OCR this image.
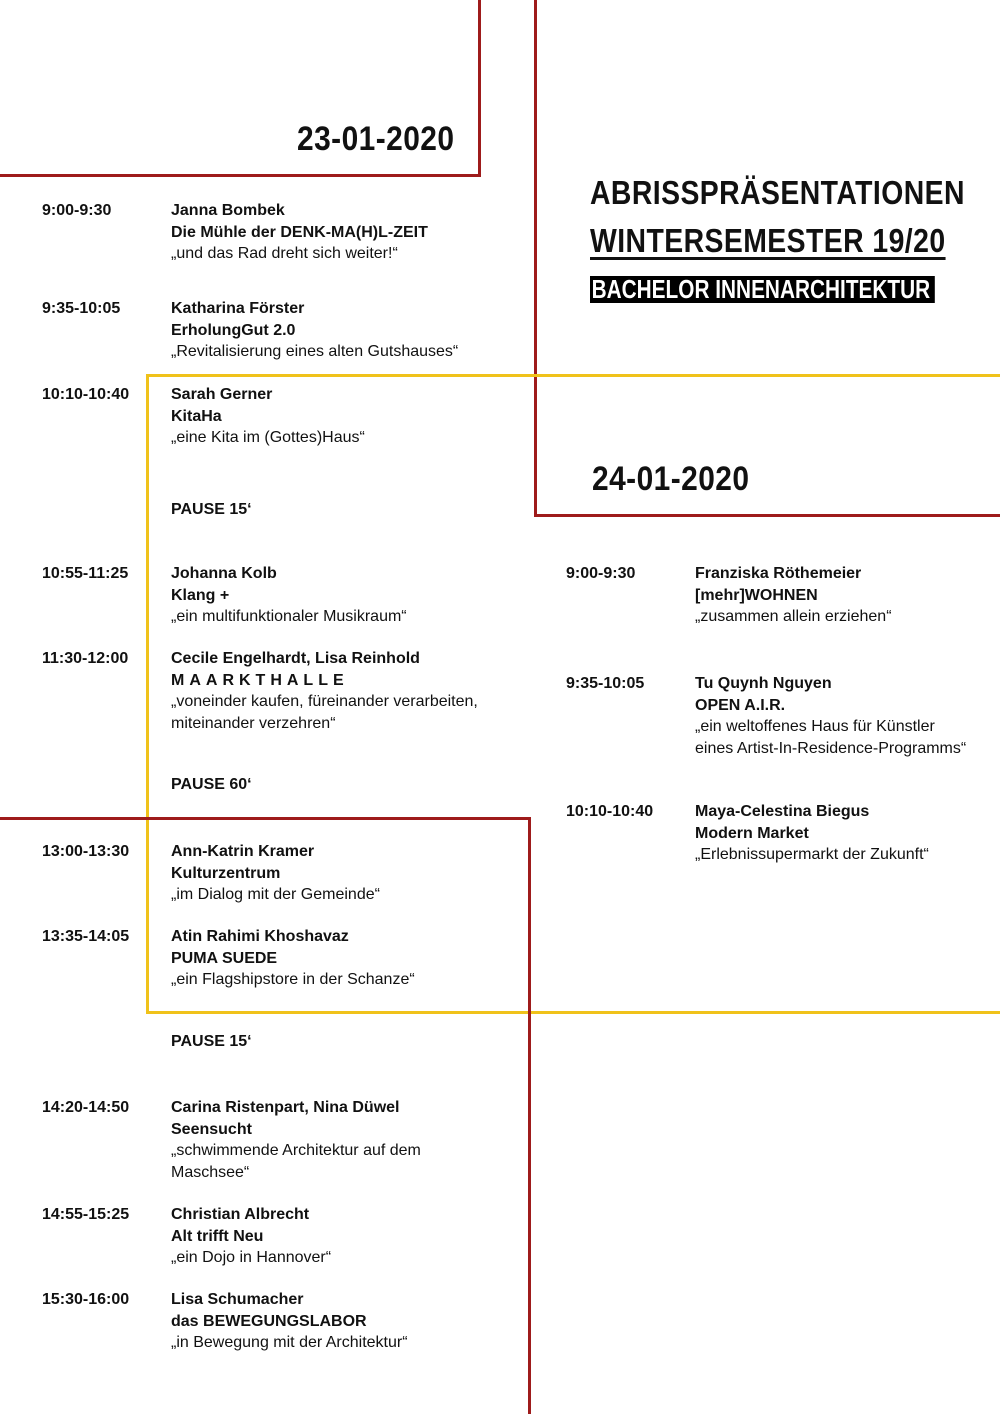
23-01-2020
ABRISSPRÄSENTATIONEN
WINTERSEMESTER 19/20
BACHELOR INNENARCHITEKTUR
24-01-2020
9:00-9:30	Janna Bombek
Die Mühle der DENK-MA(H)L-ZEIT
„und das Rad dreht sich weiter!“
9:35-10:05	Katharina Förster
ErholungGut 2.0
„Revitalisierung eines alten Gutshauses“
10:10-10:40	Sarah Gerner
KitaHa
„eine Kita im (Gottes)Haus“
PAUSE 15‘
10:55-11:25	Johanna Kolb
Klang +
„ein multifunktionaler Musikraum“
11:30-12:00	Cecile Engelhardt, Lisa Reinhold
MAARKTHALLE
„voneinder kaufen, füreinander verarbeiten,
miteinander verzehren“
PAUSE 60‘
13:00-13:30	Ann-Katrin Kramer
Kulturzentrum
„im Dialog mit der Gemeinde“
13:35-14:05	Atin Rahimi Khoshavaz
PUMA SUEDE
„ein Flagshipstore in der Schanze“
PAUSE 15‘
14:20-14:50	Carina Ristenpart, Nina Düwel
Seensucht
„schwimmende Architektur auf dem
Maschsee“
14:55-15:25	Christian Albrecht
Alt trifft Neu
„ein Dojo in Hannover“
15:30-16:00	Lisa Schumacher
das BEWEGUNGSLABOR
„in Bewegung mit der Architektur“
9:00-9:30	Franziska Röthemeier
[mehr]WOHNEN
„zusammen allein erziehen“
9:35-10:05	Tu Quynh Nguyen
OPEN A.I.R.
„ein weltoffenes Haus für Künstler
eines Artist-In-Residence-Programms“
10:10-10:40	Maya-Celestina Biegus
Modern Market
„Erlebnissupermarkt der Zukunft“
